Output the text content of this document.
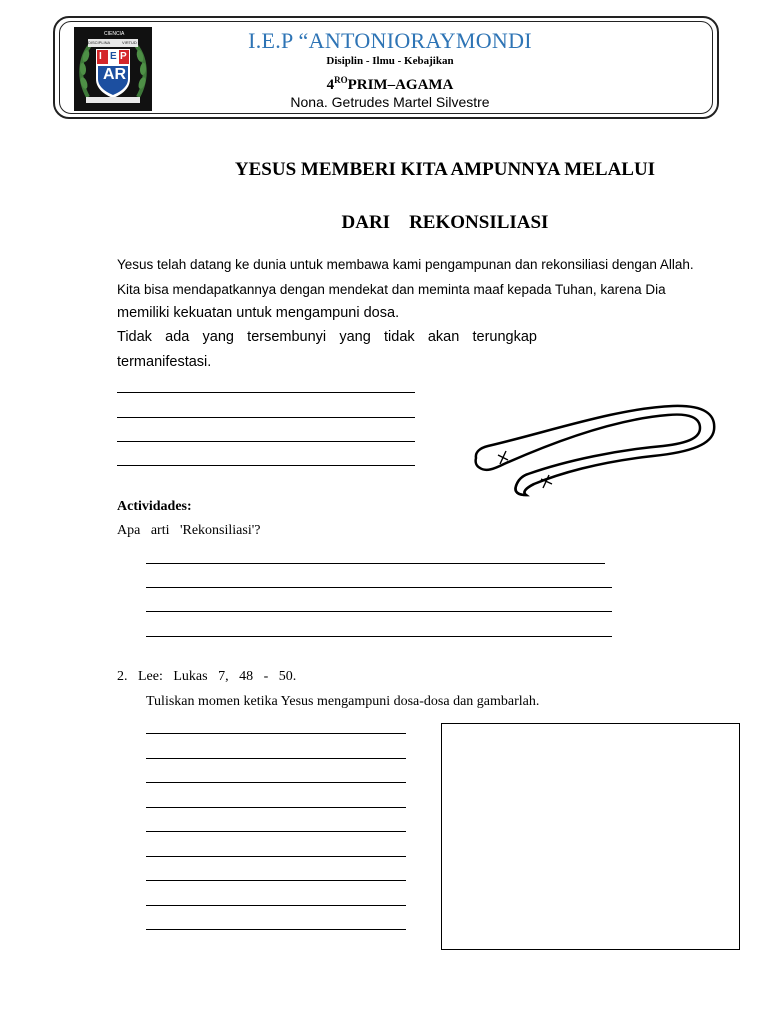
CIENCIA
DISCIPLINA	VIRTUD
I E P
AR
I.E.P “ANTONIORAYMONDI
Disiplin - Ilmu - Kebajikan
$4^{RO}PRIM$–AGAMA
Nona. Getrudes Martel Silvestre
YESUS MEMBERI KITA AMPUNNYA MELALUI
DARI    REKONSILIASI
Yesus telah datang ke dunia untuk membawa kami pengampunan dan rekonsiliasi dengan Allah.
Kita bisa mendapatkannya dengan mendekat dan meminta maaf kepada Tuhan, karena Dia
memiliki kekuatan untuk mengampuni dosa.
Tidak ada yang tersembunyi yang tidak akan terungkap
termanifestasi.
Actividades:
Apa   arti   'Rekonsiliasi'?
2.   Lee:   Lukas   7,   48   -   50.
Tuliskan momen ketika Yesus mengampuni dosa-dosa dan gambarlah.
